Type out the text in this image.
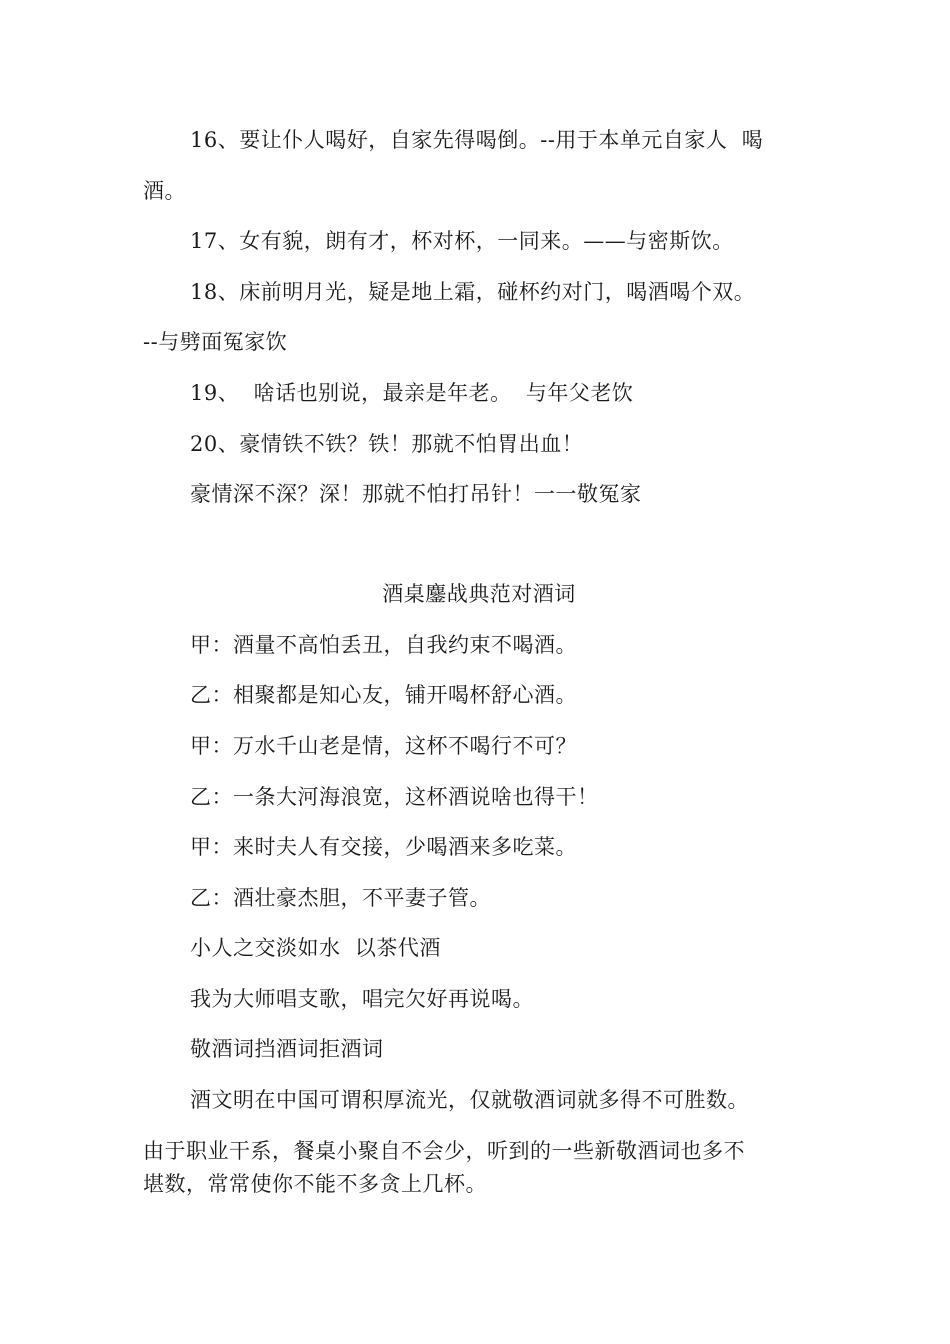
16、要让仆人喝好，自家先得喝倒。--用于本单元自家人  喝
酒。
17、女有貌，朗有才，杯对杯，一同来。——与密斯饮。
18、床前明月光，疑是地上霜，碰杯约对门，喝酒喝个双。
--与劈面冤家饮
19、  啥话也别说，最亲是年老。  与年父老饮
20、豪情铁不铁？铁！那就不怕胃出血！
豪情深不深？深！那就不怕打吊针！一一敬冤家
酒桌鏖战典范对酒词
甲：酒量不高怕丢丑，自我约束不喝酒。
乙：相聚都是知心友，铺开喝杯舒心酒。
甲：万水千山老是情，这杯不喝行不可？
乙：一条大河海浪宽，这杯酒说啥也得干！
甲：来时夫人有交接，少喝酒来多吃菜。
乙：酒壮豪杰胆，不平妻子管。
小人之交淡如水  以茶代酒
我为大师唱支歌，唱完欠好再说喝。
敬酒词挡酒词拒酒词
酒文明在中国可谓积厚流光，仅就敬酒词就多得不可胜数。
由于职业干系，餐桌小聚自不会少，听到的一些新敬酒词也多不
堪数，常常使你不能不多贪上几杯。
